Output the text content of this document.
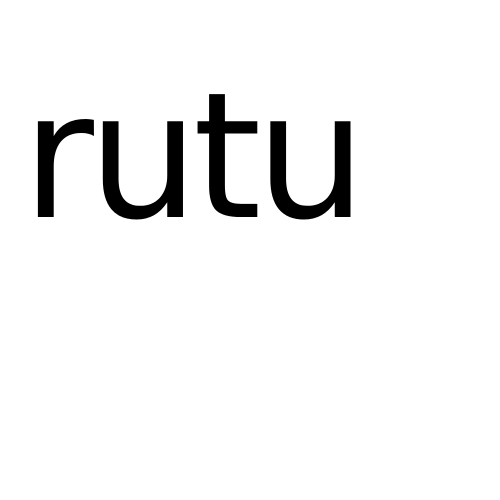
rutu
